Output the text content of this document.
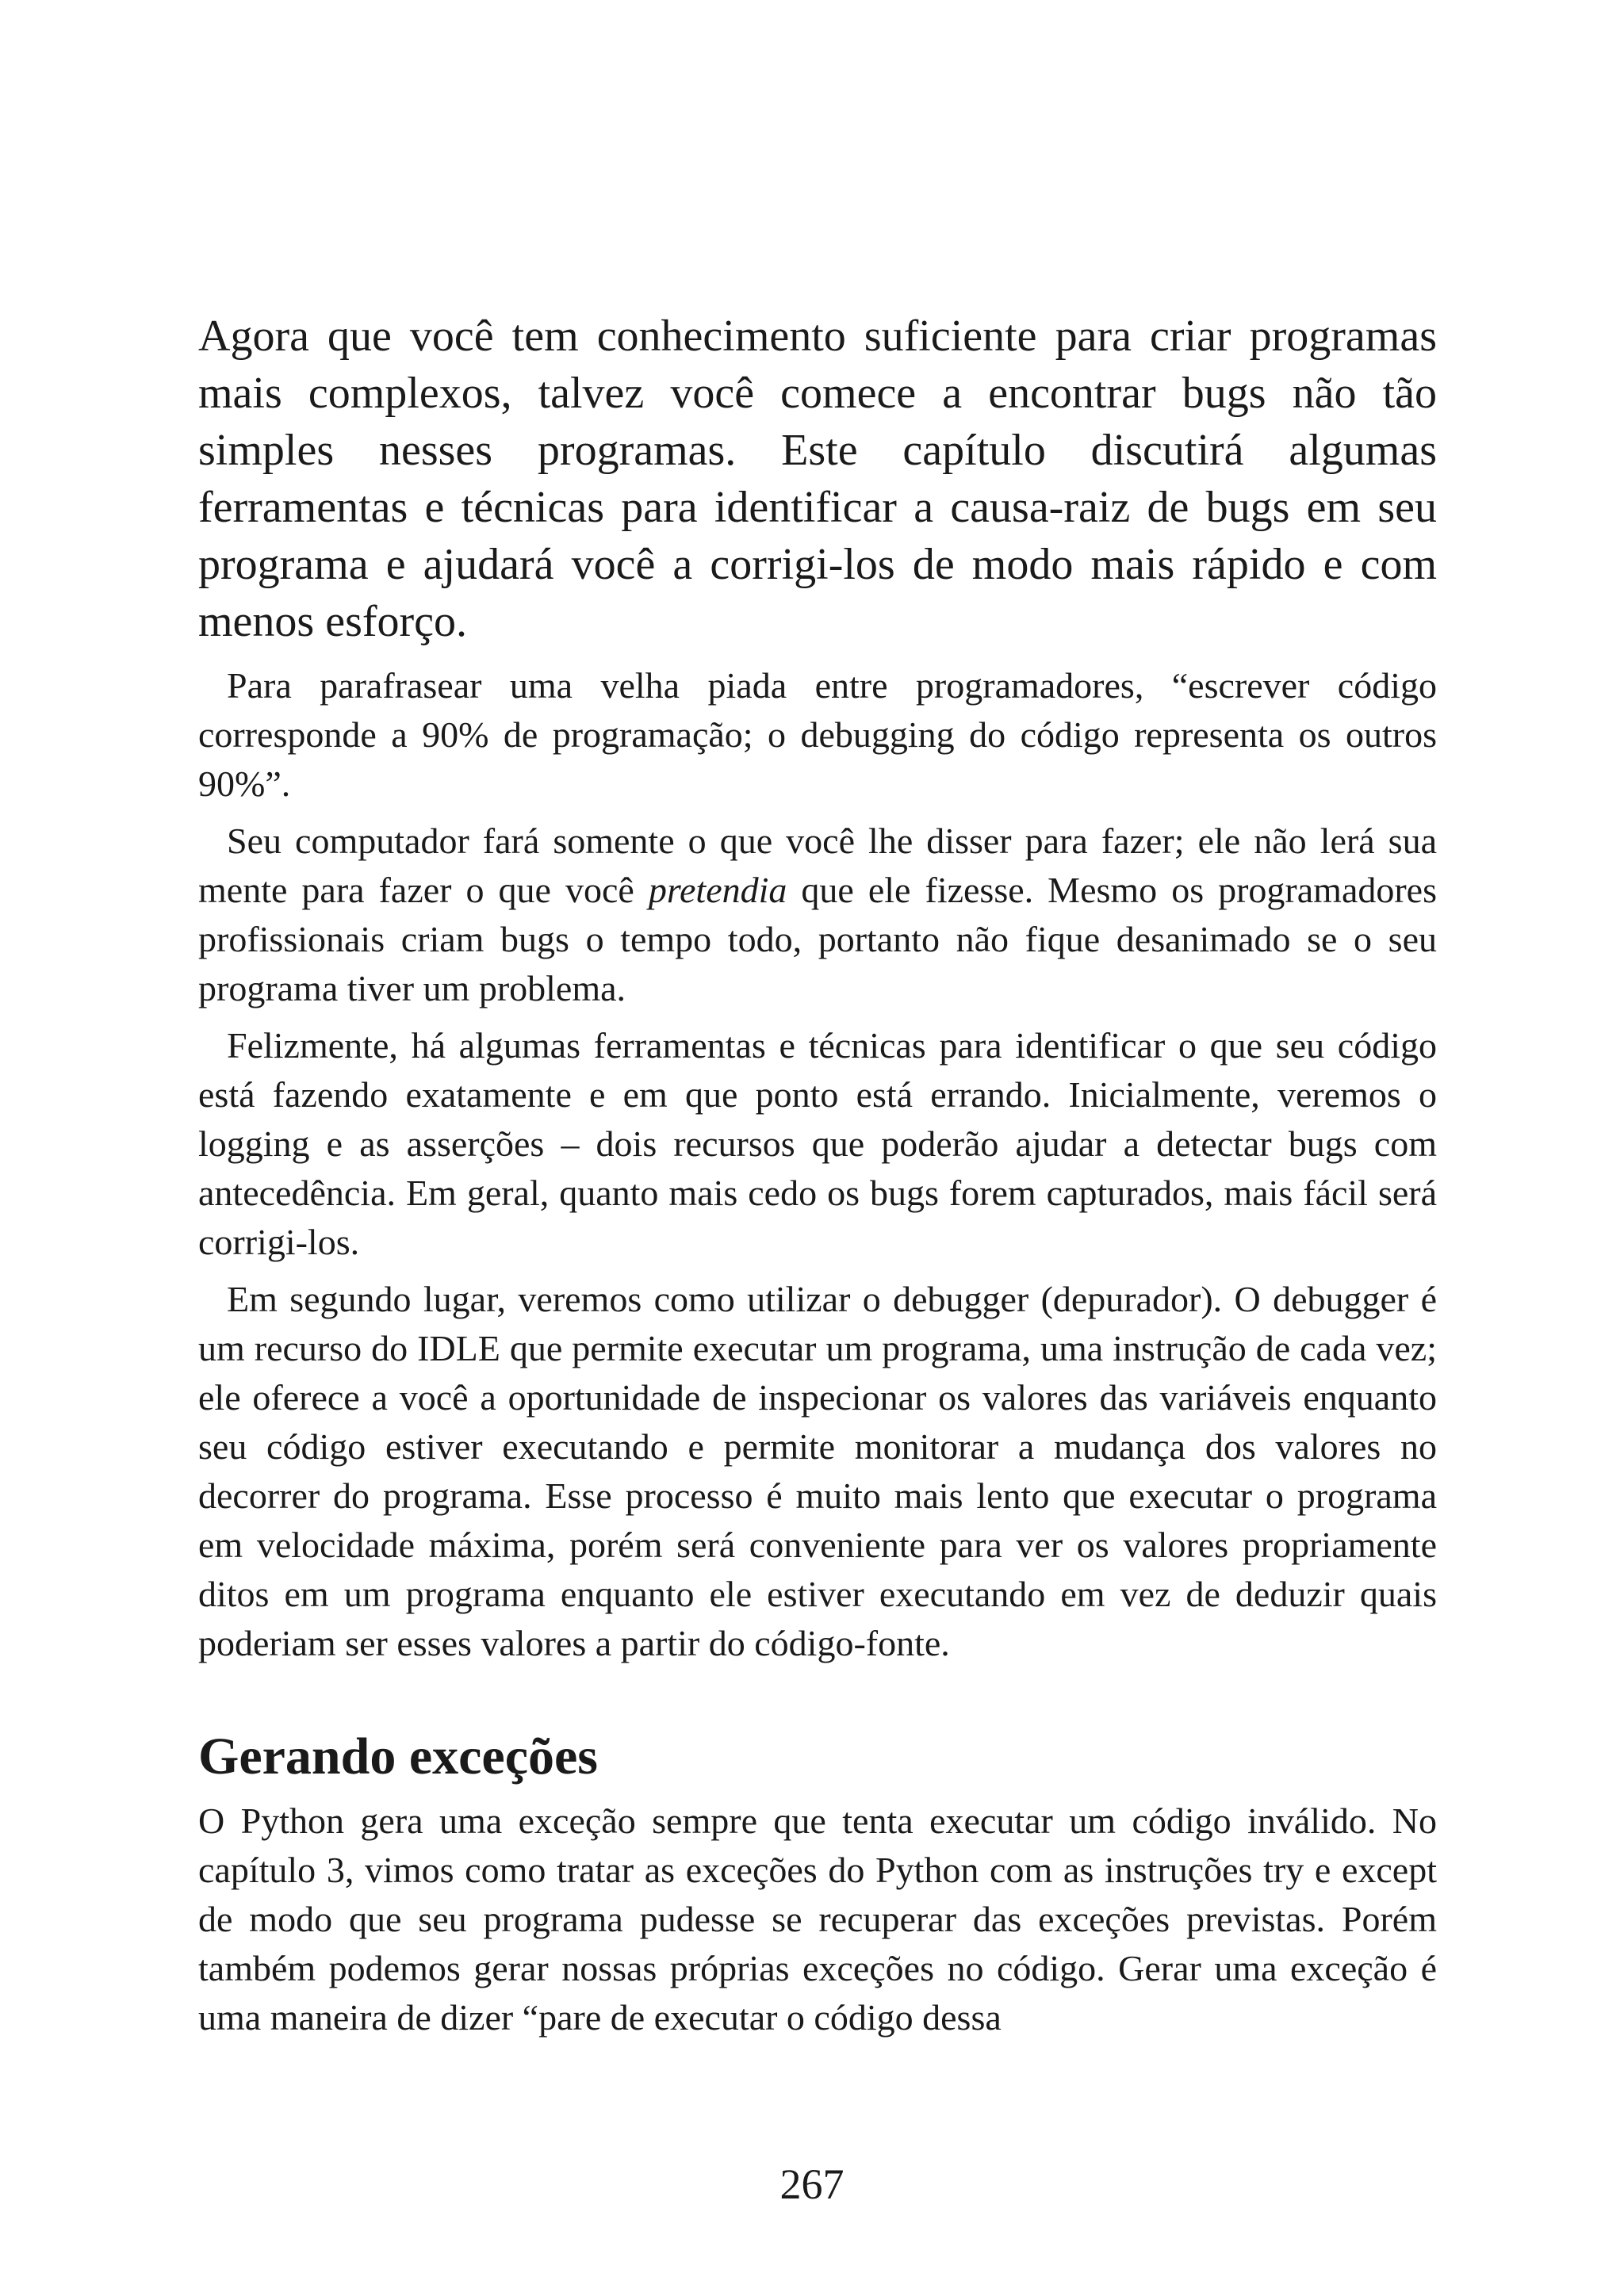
Agora que você tem conhecimento suficiente para criar programas mais complexos, talvez você comece a encontrar bugs não tão simples nesses programas. Este capítulo discutirá algumas ferramentas e técnicas para identificar a causa-raiz de bugs em seu programa e ajudará você a corrigi-los de modo mais rápido e com menos esforço.

Para parafrasear uma velha piada entre programadores, “escrever código corresponde a 90% de programação; o debugging do código representa os outros 90%”.

Seu computador fará somente o que você lhe disser para fazer; ele não lerá sua mente para fazer o que você pretendia que ele fizesse. Mesmo os programadores profissionais criam bugs o tempo todo, portanto não fique desanimado se o seu programa tiver um problema.

Felizmente, há algumas ferramentas e técnicas para identificar o que seu código está fazendo exatamente e em que ponto está errando. Inicialmente, veremos o logging e as asserções – dois recursos que poderão ajudar a detectar bugs com antecedência. Em geral, quanto mais cedo os bugs forem capturados, mais fácil será corrigi-los.

Em segundo lugar, veremos como utilizar o debugger (depurador). O debugger é um recurso do IDLE que permite executar um programa, uma instrução de cada vez; ele oferece a você a oportunidade de inspecionar os valores das variáveis enquanto seu código estiver executando e permite monitorar a mudança dos valores no decorrer do programa. Esse processo é muito mais lento que executar o programa em velocidade máxima, porém será conveniente para ver os valores propriamente ditos em um programa enquanto ele estiver executando em vez de deduzir quais poderiam ser esses valores a partir do código-fonte.

Gerando exceções

O Python gera uma exceção sempre que tenta executar um código inválido. No capítulo 3, vimos como tratar as exceções do Python com as instruções try e except de modo que seu programa pudesse se recuperar das exceções previstas. Porém também podemos gerar nossas próprias exceções no código. Gerar uma exceção é uma maneira de dizer “pare de executar o código dessa

267
